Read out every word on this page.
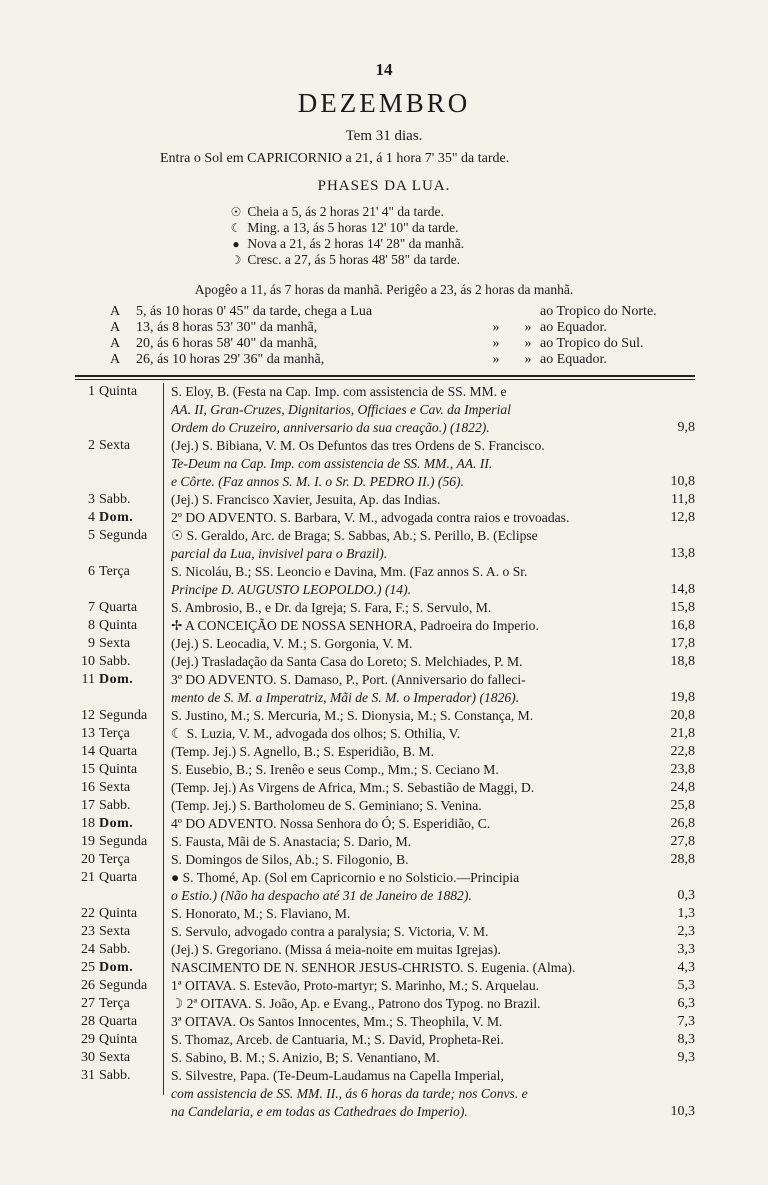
14
DEZEMBRO
Tem 31 dias.
Entra o Sol em CAPRICORNIO a 21, á 1 hora 7' 35" da tarde.
PHASES DA LUA.
☉ Cheia a 5, ás 2 horas 21' 4" da tarde.
☾ Ming. a 13, ás 5 horas 12' 10" da tarde.
● Nova a 21, ás 2 horas 14' 28" da manhã.
☽ Cresc. a 27, ás 5 horas 48' 58" da tarde.
Apogêo a 11, ás 7 horas da manhã. Perigêo a 23, ás 2 horas da manhã.
A 5, ás 10 horas 0' 45" da tarde, chega a Lua	ao Tropico do Norte.
A 13, ás 8 horas 53' 30" da manhã,	» » ao Equador.
A 20, ás 6 horas 58' 40" da manhã,	» » ao Tropico do Sul.
A 26, ás 10 horas 29' 36" da manhã,	» » ao Equador.
1 Quinta S. Eloy, B. (Festa na Cap. Imp. com assistencia de SS. MM. e
AA. II, Gran-Cruzes, Dignitarios, Officiaes e Cav. da Imperial
Ordem do Cruzeiro, anniversario da sua creação.) (1822).	9,8
2 Sexta	(Jej.) S. Bibiana, V. M. Os Defuntos das tres Ordens de S. Francisco.
Te-Deum na Cap. Imp. com assistencia de SS. MM., AA. II.
e Côrte. (Faz annos S. M. I. o Sr. D. PEDRO II.) (56).	10,8
3 Sabb.	(Jej.) S. Francisco Xavier, Jesuita, Ap. das Indias.	11,8
4 Dom.	2º DO ADVENTO. S. Barbara, V. M., advogada contra raios e trovoadas.	12,8
5 Segunda ☉ S. Geraldo, Arc. de Braga; S. Sabbas, Ab.; S. Perillo, B. (Eclipse
parcial da Lua, invisivel para o Brazil).	13,8
6 Terça	S. Nicoláu, B.; SS. Leoncio e Davina, Mm. (Faz annos S. A. o Sr.
Principe D. AUGUSTO LEOPOLDO.) (14).	14,8
7 Quarta S. Ambrosio, B., e Dr. da Igreja; S. Fara, F.; S. Servulo, M.	15,8
8 Quinta ✢ A CONCEIÇÃO DE NOSSA SENHORA, Padroeira do Imperio.	16,8
9 Sexta	(Jej.) S. Leocadia, V. M.; S. Gorgonia, V. M.	17,8
10 Sabb.	(Jej.) Trasladação da Santa Casa do Loreto; S. Melchiades, P. M.	18,8
11 Dom.	3º DO ADVENTO. S. Damaso, P., Port. (Anniversario do falleci-
mento de S. M. a Imperatriz, Mãi de S. M. o Imperador) (1826).	19,8
12 Segunda S. Justino, M.; S. Mercuria, M.; S. Dionysia, M.; S. Constança, M.	20,8
13 Terça	☾ S. Luzia, V. M., advogada dos olhos; S. Othilia, V.	21,8
14 Quarta (Temp. Jej.) S. Agnello, B.; S. Esperidião, B. M.	22,8
15 Quinta S. Eusebio, B.; S. Irenêo e seus Comp., Mm.; S. Ceciano M.	23,8
16 Sexta	(Temp. Jej.) As Virgens de Africa, Mm.; S. Sebastião de Maggi, D.	24,8
17 Sabb.	(Temp. Jej.) S. Bartholomeu de S. Geminiano; S. Venina.	25,8
18 Dom.	4º DO ADVENTO. Nossa Senhora do Ó; S. Esperidião, C.	26,8
19 Segunda S. Fausta, Mãi de S. Anastacia; S. Dario, M.	27,8
20 Terça	S. Domingos de Silos, Ab.; S. Filogonio, B.	28,8
21 Quarta ● S. Thomé, Ap. (Sol em Capricornio e no Solsticio.—Principia
o Estio.) (Não ha despacho até 31 de Janeiro de 1882).	0,3
22 Quinta S. Honorato, M.; S. Flaviano, M.	1,3
23 Sexta	S. Servulo, advogado contra a paralysia; S. Victoria, V. M.	2,3
24 Sabb.	(Jej.) S. Gregoriano. (Missa á meia-noite em muitas Igrejas).	3,3
25 Dom.	NASCIMENTO DE N. SENHOR JESUS-CHRISTO. S. Eugenia. (Alma).	4,3
26 Segunda 1ª OITAVA. S. Estevão, Proto-martyr; S. Marinho, M.; S. Arquelau.	5,3
27 Terça	☽ 2ª OITAVA. S. João, Ap. e Evang., Patrono dos Typog. no Brazil.	6,3
28 Quarta 3ª OITAVA. Os Santos Innocentes, Mm.; S. Theophila, V. M.	7,3
29 Quinta S. Thomaz, Arceb. de Cantuaria, M.; S. David, Propheta-Rei.	8,3
30 Sexta	S. Sabino, B. M.; S. Anizio, B; S. Venantiano, M.	9,3
31 Sabb.	S. Silvestre, Papa. (Te-Deum-Laudamus na Capella Imperial,
com assistencia de SS. MM. II., ás 6 horas da tarde; nos Convs. e
na Candelaria, e em todas as Cathedraes do Imperio).	10,3
